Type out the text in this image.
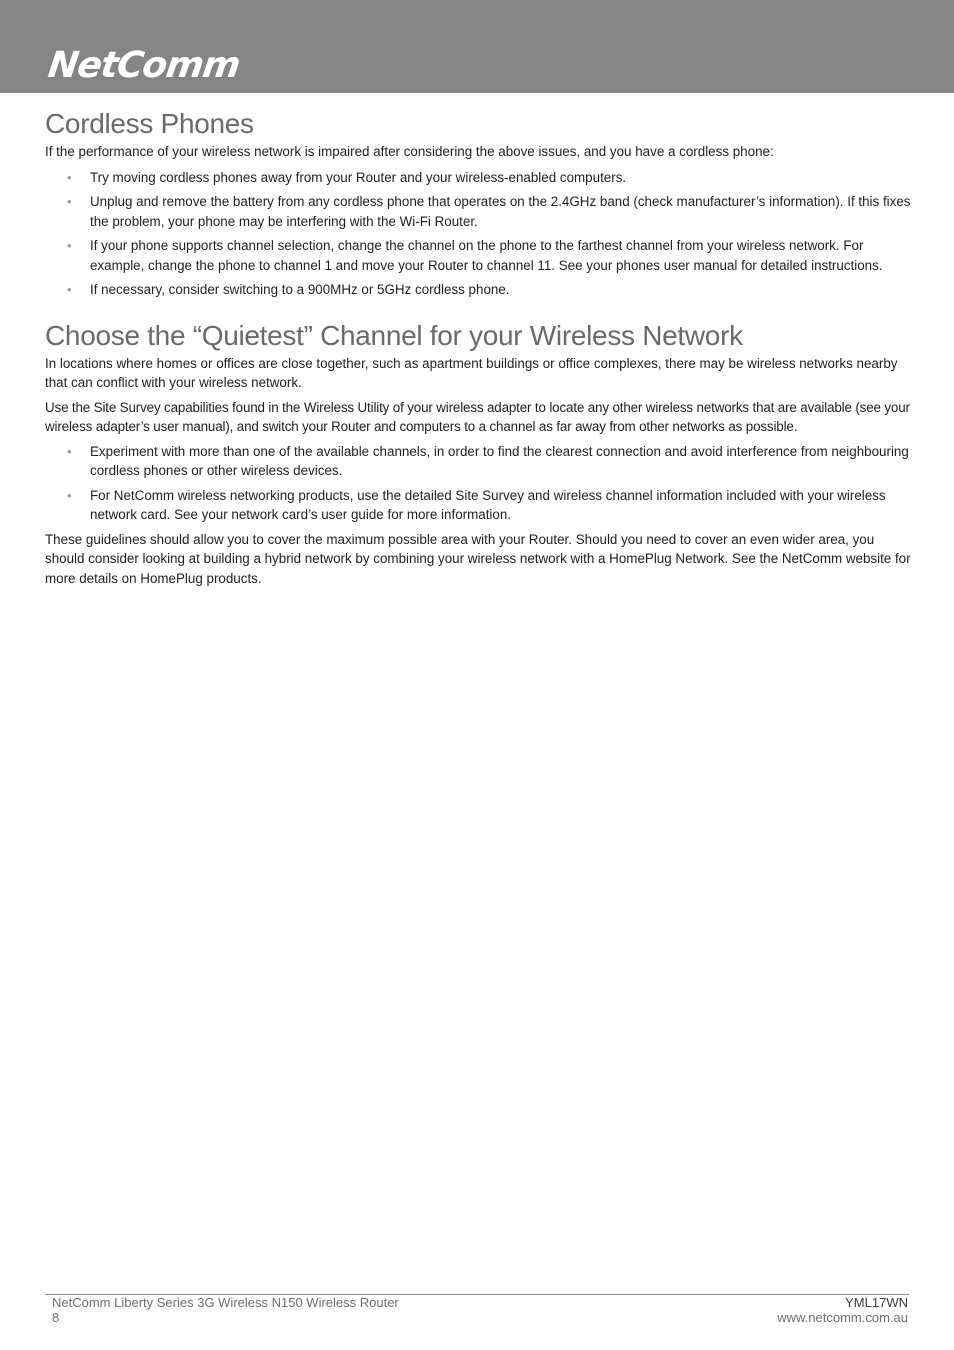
NetComm
Cordless Phones

If the performance of your wireless network is impaired after considering the above issues, and you have a cordless phone:

• Try moving cordless phones away from your Router and your wireless-enabled computers.
• Unplug and remove the battery from any cordless phone that operates on the 2.4GHz band (check manufacturer’s information). If this fixes the problem, your phone may be interfering with the Wi-Fi Router.
• If your phone supports channel selection, change the channel on the phone to the farthest channel from your wireless network. For example, change the phone to channel 1 and move your Router to channel 11. See your phones user manual for detailed instructions.
• If necessary, consider switching to a 900MHz or 5GHz cordless phone.
Choose the “Quietest” Channel for your Wireless Network

In locations where homes or offices are close together, such as apartment buildings or office complexes, there may be wireless networks nearby that can conflict with your wireless network.

Use the Site Survey capabilities found in the Wireless Utility of your wireless adapter to locate any other wireless networks that are available (see your wireless adapter’s user manual), and switch your Router and computers to a channel as far away from other networks as possible.

• Experiment with more than one of the available channels, in order to find the clearest connection and avoid interference from neighbouring cordless phones or other wireless devices.
• For NetComm wireless networking products, use the detailed Site Survey and wireless channel information included with your wireless network card. See your network card’s user guide for more information.

These guidelines should allow you to cover the maximum possible area with your Router. Should you need to cover an even wider area, you should consider looking at building a hybrid network by combining your wireless network with a HomePlug Network. See the NetComm website for more details on HomePlug products.

NetComm Liberty Series 3G Wireless N150 Wireless Router
8
YML17WN
www.netcomm.com.au
